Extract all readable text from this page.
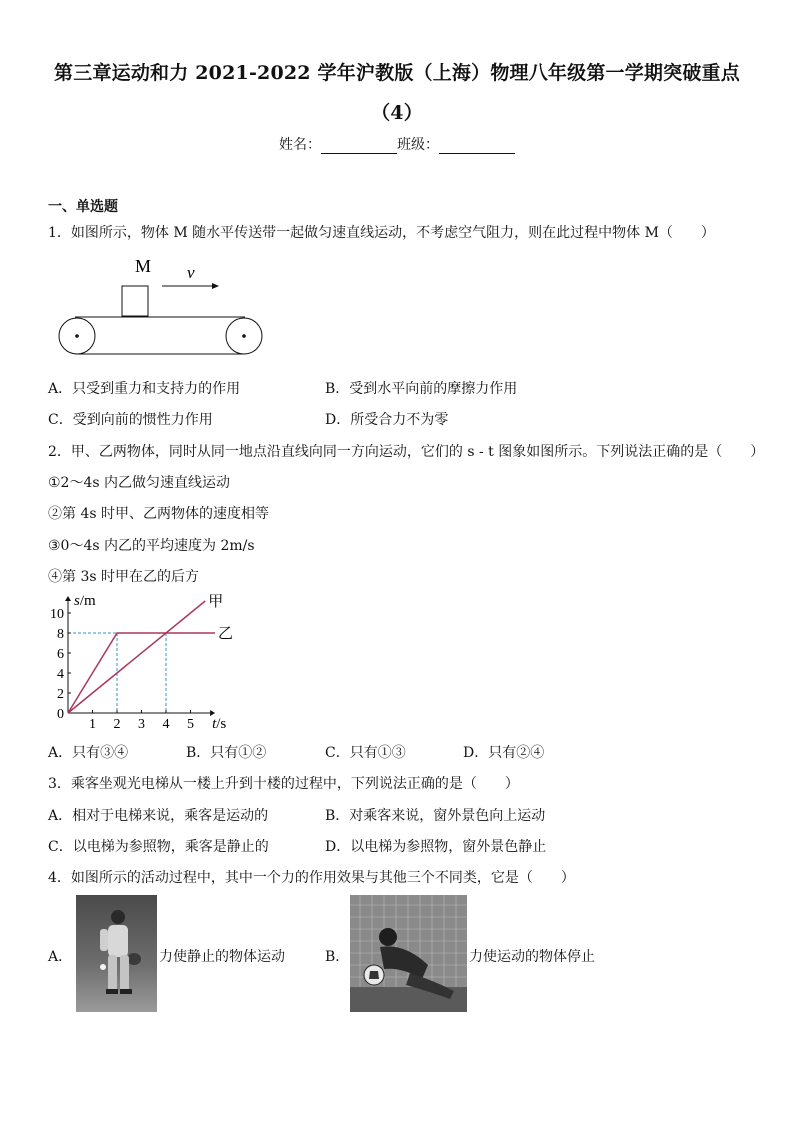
第三章运动和力 2021-2022 学年沪教版（上海）物理八年级第一学期突破重点
（4）
姓名：	班级：
一、单选题
1．如图所示，物体 M 随水平传送带一起做匀速直线运动，不考虑空气阻力，则在此过程中物体 M（　　）
M v
A．只受到重力和支持力的作用	B．受到水平向前的摩擦力作用
C．受到向前的惯性力作用	D．所受合力不为零
2．甲、乙两物体，同时从同一地点沿直线向同一方向运动，它们的 s - t 图象如图所示。下列说法正确的是（　　）
①2～4s 内乙做匀速直线运动
②第 4s 时甲、乙两物体的速度相等
③0～4s 内乙的平均速度为 2m/s
④第 3s 时甲在乙的后方
1 2 3 4 5
2
4
6
8
10
0
s/m
t/s
甲
乙
A．只有③④	B．只有①②	C．只有①③	D．只有②④
3．乘客坐观光电梯从一楼上升到十楼的过程中，下列说法正确的是（　　）
A．相对于电梯来说，乘客是运动的	B．对乘客来说，窗外景色向上运动
C．以电梯为参照物，乘客是静止的	D．以电梯为参照物，窗外景色静止
4．如图所示的活动过程中，其中一个力的作用效果与其他三个不同类，它是（　　）
A．	力使静止的物体运动	B．	力使运动的物体停止
